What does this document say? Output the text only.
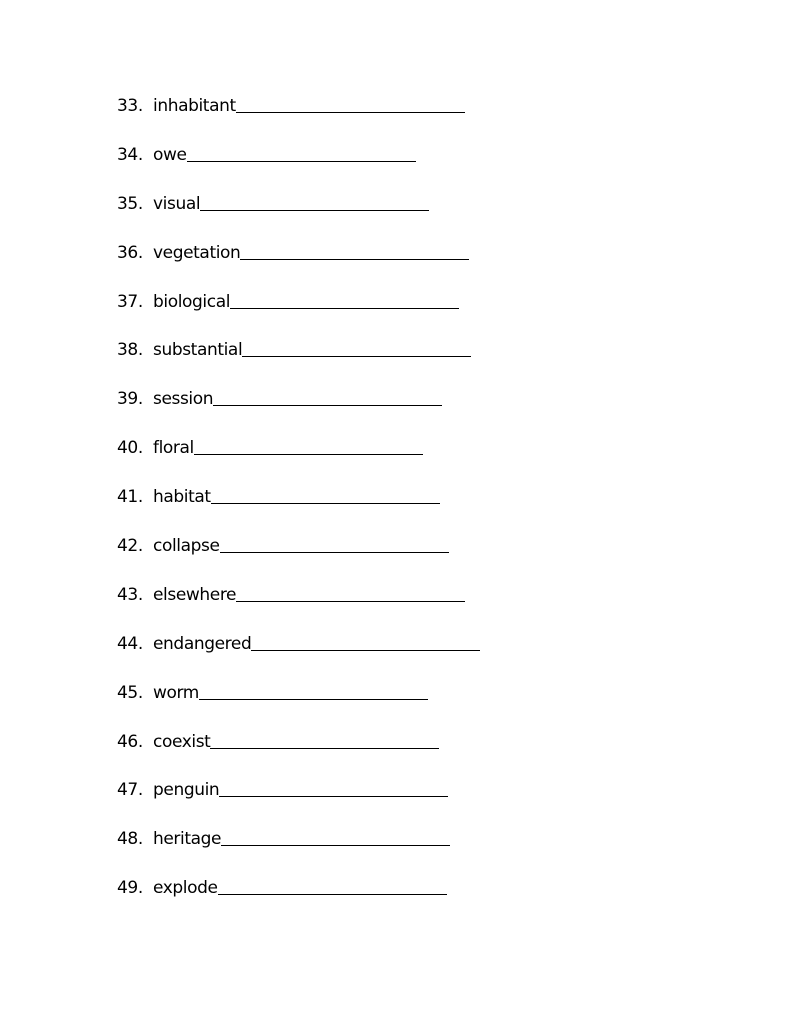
33. inhabitant
34. owe
35. visual
36. vegetation
37. biological
38. substantial
39. session
40. floral
41. habitat
42. collapse
43. elsewhere
44. endangered
45. worm
46. coexist
47. penguin
48. heritage
49. explode
